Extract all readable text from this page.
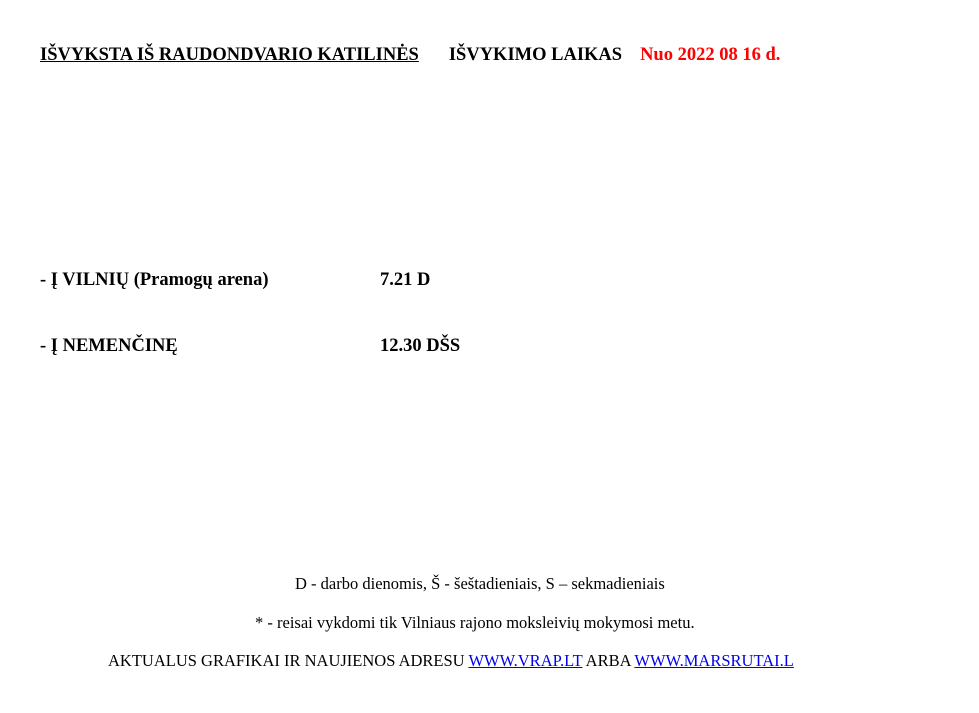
IŠVYKSTA IŠ RAUDONDVARIO KATILINĖS IŠVYKIMO LAIKAS Nuo 2022 08 16 d.
- Į VILNIŲ (Pramogų arena)	7.21 D
- Į NEMENČINĘ	12.30 DŠS
D - darbo dienomis, Š - šeštadieniais, S – sekmadieniais
* - reisai vykdomi tik Vilniaus rajono moksleivių mokymosi metu.
AKTUALUS GRAFIKAI IR NAUJIENOS ADRESU WWW.VRAP.LT ARBA WWW.MARSRUTAI.L
